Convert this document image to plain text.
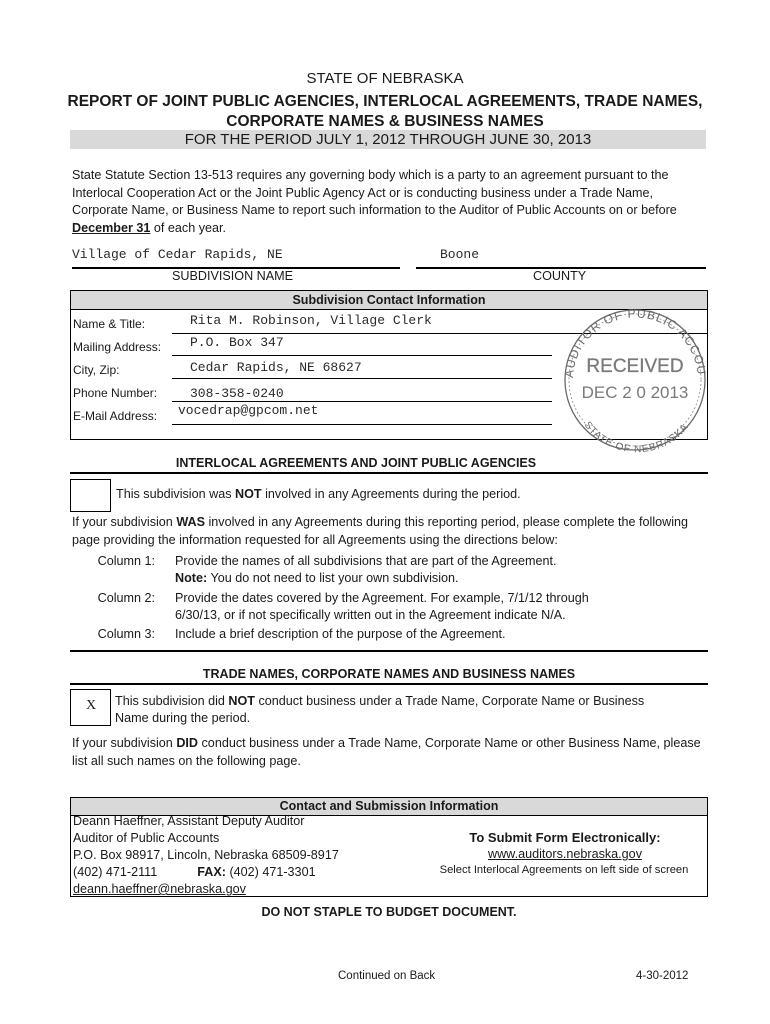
STATE OF NEBRASKA
REPORT OF JOINT PUBLIC AGENCIES, INTERLOCAL AGREEMENTS, TRADE NAMES, CORPORATE NAMES & BUSINESS NAMES
FOR THE PERIOD JULY 1, 2012 THROUGH JUNE 30, 2013
State Statute Section 13-513 requires any governing body which is a party to an agreement pursuant to the Interlocal Cooperation Act or the Joint Public Agency Act or is conducting business under a Trade Name, Corporate Name, or Business Name to report such information to the Auditor of Public Accounts on or before December 31 of each year.
Village of Cedar Rapids, NE	Boone
SUBDIVISION NAME	COUNTY
Subdivision Contact Information
Name & Title:	Rita M. Robinson, Village Clerk
Mailing Address: P.O. Box 347
City, Zip:	Cedar Rapids, NE 68627
Phone Number:	308-358-0240
E-Mail Address: vocedrap@gpcom.net
AUDITOR OF PUBLIC ACCOU
RECEIVED
DEC 2 0 2013
STATE OF NEBRASKA
INTERLOCAL AGREEMENTS AND JOINT PUBLIC AGENCIES
This subdivision was NOT involved in any Agreements during the period.
If your subdivision WAS involved in any Agreements during this reporting period, please complete the following page providing the information requested for all Agreements using the directions below:
Column 1: Provide the names of all subdivisions that are part of the Agreement.
Note: You do not need to list your own subdivision.
Column 2: Provide the dates covered by the Agreement. For example, 7/1/12 through
6/30/13, or if not specifically written out in the Agreement indicate N/A.
Column 3: Include a brief description of the purpose of the Agreement.
TRADE NAMES, CORPORATE NAMES AND BUSINESS NAMES
X This subdivision did NOT conduct business under a Trade Name, Corporate Name or Business
Name during the period.
If your subdivision DID conduct business under a Trade Name, Corporate Name or other Business Name, please list all such names on the following page.
Contact and Submission Information
Deann Haeffner, Assistant Deputy Auditor
Auditor of Public Accounts
P.O. Box 98917, Lincoln, Nebraska 68509-8917
(402) 471-2111	FAX: (402) 471-3301
deann.haeffner@nebraska.gov
To Submit Form Electronically:
www.auditors.nebraska.gov
Select Interlocal Agreements on left side of screen
DO NOT STAPLE TO BUDGET DOCUMENT.
Continued on Back	4-30-2012
